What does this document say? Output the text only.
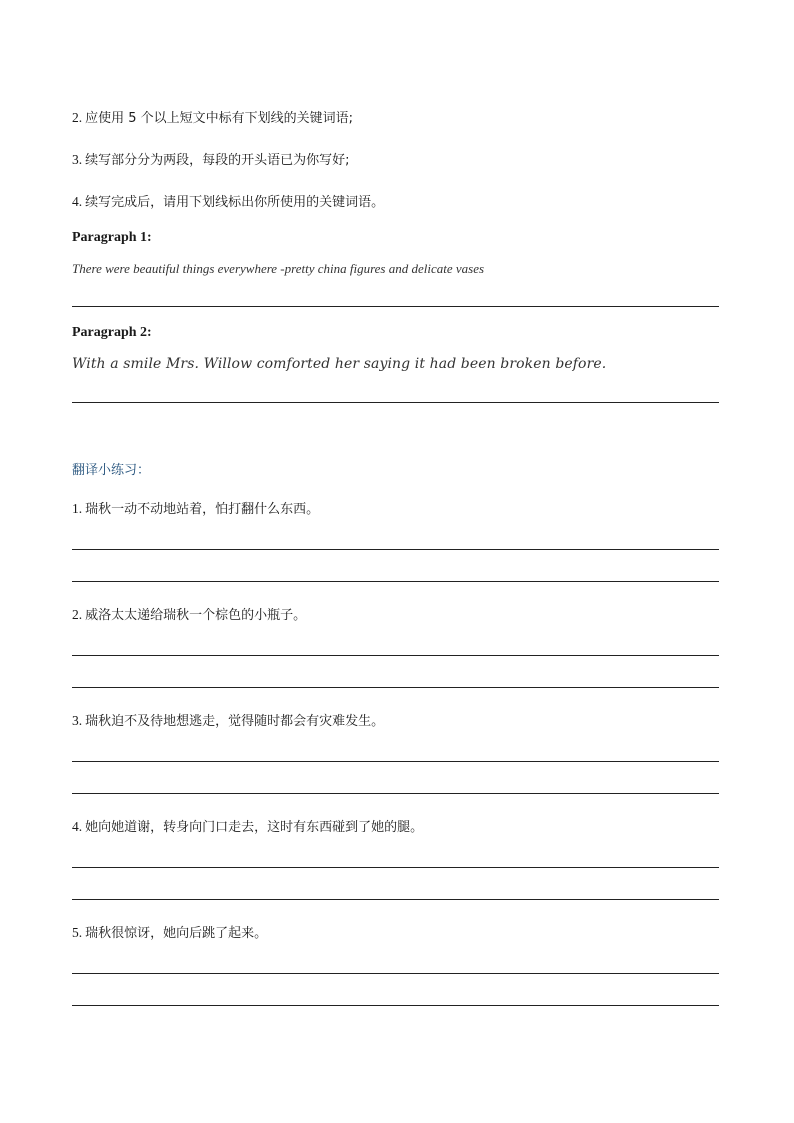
2. 应使用 5 个以上短文中标有下划线的关键词语;
3. 续写部分分为两段，每段的开头语已为你写好;
4. 续写完成后，请用下划线标出你所使用的关键词语。
Paragraph 1:
There were beautiful things everywhere -pretty china figures and delicate vases
Paragraph 2:
With a smile Mrs. Willow comforted her saying it had been broken before.
翻译小练习：
1. 瑞秋一动不动地站着，怕打翻什么东西。
2. 威洛太太递给瑞秋一个棕色的小瓶子。
3. 瑞秋迫不及待地想逃走，觉得随时都会有灾难发生。
4. 她向她道谢，转身向门口走去，这时有东西碰到了她的腿。
5. 瑞秋很惊讶，她向后跳了起来。
